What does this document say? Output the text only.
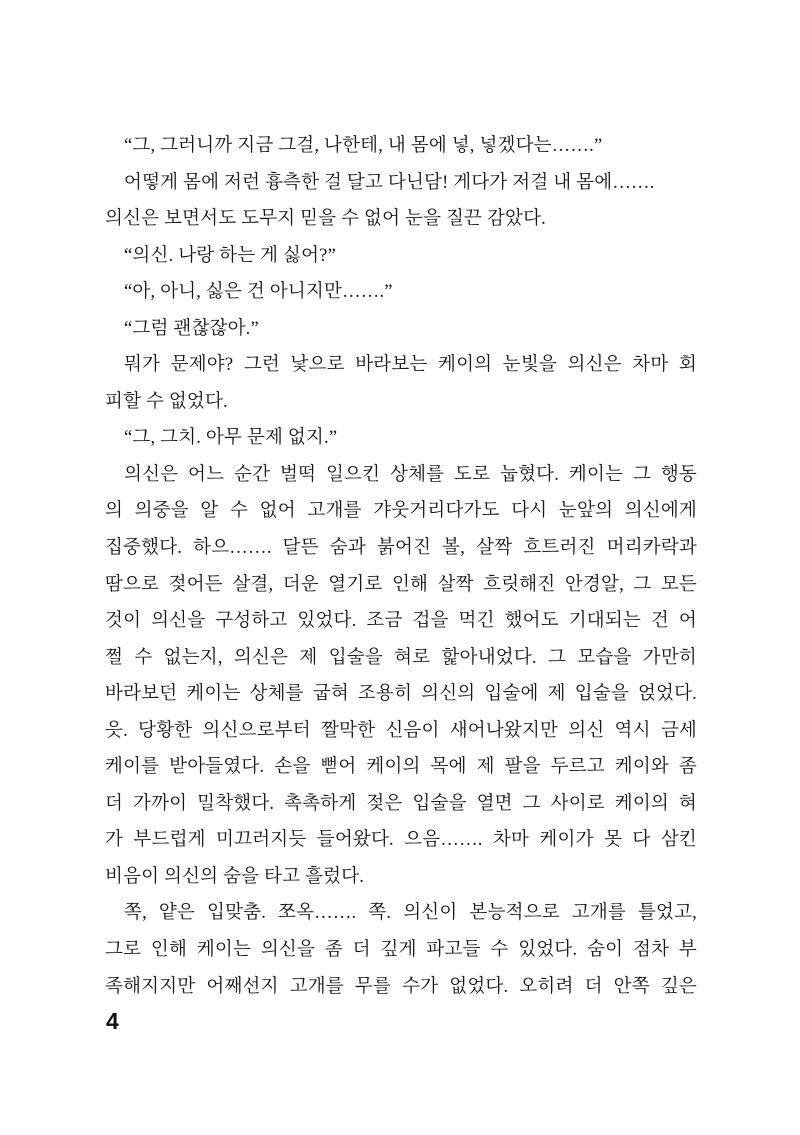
“그, 그러니까 지금 그걸, 나한테, 내 몸에 넣, 넣겠다는…….”
어떻게 몸에 저런 흉측한 걸 달고 다닌담! 게다가 저걸 내 몸에…….
의신은 보면서도 도무지 믿을 수 없어 눈을 질끈 감았다.
“의신. 나랑 하는 게 싫어?”
“아, 아니, 싫은 건 아니지만…….”
“그럼 괜찮잖아.”
뭐가 문제야? 그런 낯으로 바라보는 케이의 눈빛을 의신은 차마 회
피할 수 없었다.
“그, 그치. 아무 문제 없지.”
의신은 어느 순간 벌떡 일으킨 상체를 도로 눕혔다. 케이는 그 행동
의 의중을 알 수 없어 고개를 갸웃거리다가도 다시 눈앞의 의신에게
집중했다. 하으……. 달뜬 숨과 붉어진 볼, 살짝 흐트러진 머리카락과
땀으로 젖어든 살결, 더운 열기로 인해 살짝 흐릿해진 안경알, 그 모든
것이 의신을 구성하고 있었다. 조금 겁을 먹긴 했어도 기대되는 건 어
쩔 수 없는지, 의신은 제 입술을 혀로 핥아내었다. 그 모습을 가만히
바라보던 케이는 상체를 굽혀 조용히 의신의 입술에 제 입술을 얹었다.
읏. 당황한 의신으로부터 짤막한 신음이 새어나왔지만 의신 역시 금세
케이를 받아들였다. 손을 뻗어 케이의 목에 제 팔을 두르고 케이와 좀
더 가까이 밀착했다. 촉촉하게 젖은 입술을 열면 그 사이로 케이의 혀
가 부드럽게 미끄러지듯 들어왔다. 으음……. 차마 케이가 못 다 삼킨
비음이 의신의 숨을 타고 흘렀다.
쪽, 얕은 입맞춤. 쪼옥……. 쪽. 의신이 본능적으로 고개를 틀었고,
그로 인해 케이는 의신을 좀 더 깊게 파고들 수 있었다. 숨이 점차 부
족해지지만 어째선지 고개를 무를 수가 없었다. 오히려 더 안쪽 깊은
4
